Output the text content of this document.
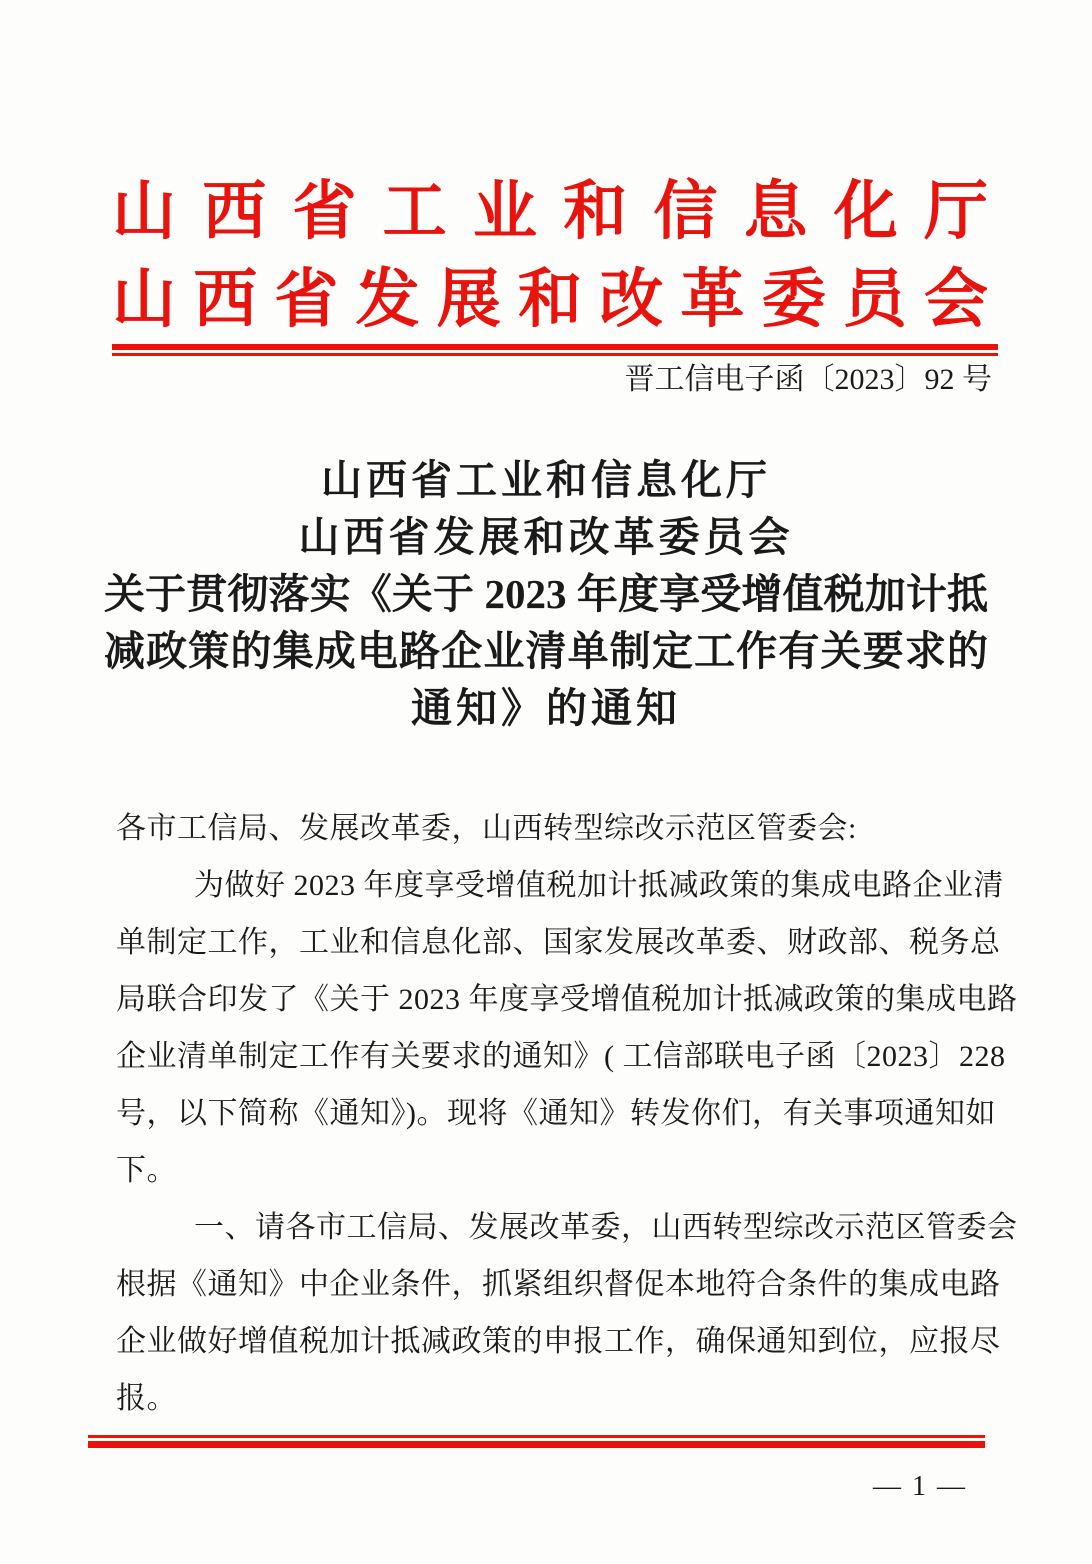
山西省工业和信息化厅
山西省发展和改革委员会
晋工信电子函〔2023〕92 号
山西省工业和信息化厅
山西省发展和改革委员会
关于贯彻落实《关于 2023 年度享受增值税加计抵
减政策的集成电路企业清单制定工作有关要求的
通知》的通知
各市工信局、发展改革委，山西转型综改示范区管委会:
为做好 2023 年度享受增值税加计抵减政策的集成电路企业清
单制定工作，工业和信息化部、国家发展改革委、财政部、税务总
局联合印发了《关于 2023 年度享受增值税加计抵减政策的集成电路
企业清单制定工作有关要求的通知》( 工信部联电子函〔2023〕228
号，以下简称《通知》)。现将《通知》转发你们，有关事项通知如
下。
一、请各市工信局、发展改革委，山西转型综改示范区管委会
根据《通知》中企业条件，抓紧组织督促本地符合条件的集成电路
企业做好增值税加计抵减政策的申报工作，确保通知到位，应报尽
报。
— 1 —
